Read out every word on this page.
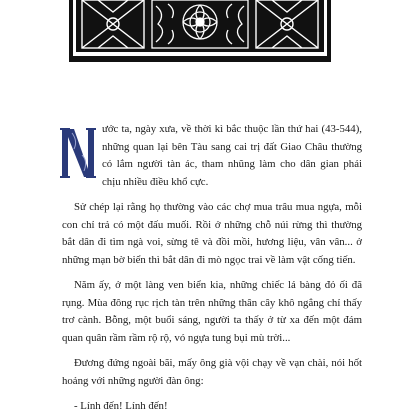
ước ta, ngày xưa, về thời kì bắc thuộc lần thứ hai (43-544), những quan lại bên Tàu sang cai trị đất Giao Châu thường có lắm người tàn ác, tham nhũng làm cho dân gian phải chịu nhiều điều khổ cực.

Sử chép lại rằng họ thường vào các chợ mua trâu mua ngựa, mỗi con chỉ trả có một đấu muối. Rồi ở những chỗ núi rừng thì thường bắt dân đi tìm ngà voi, sừng tê và đồi mồi, hương liệu, vân vân... ở những mạn bờ biển thì bắt dân đi mò ngọc trai về làm vật cống tiến.

Năm ấy, ở một làng ven biển kia, những chiếc lá bàng đỏ ối đã rụng. Mùa đông rục rịch tàn trên những thân cây khô ngẳng chỉ thấy trơ cành. Bỗng, một buổi sáng, người ta thấy ở từ xa đến một đám quan quân rầm rầm rộ rộ, vó ngựa tung bụi mù trời...

Đương đứng ngoài bãi, mấy ông già vội chạy về vạn chài, nói hốt hoảng với những người đàn ông:

- Lính đến! Lính đến!
